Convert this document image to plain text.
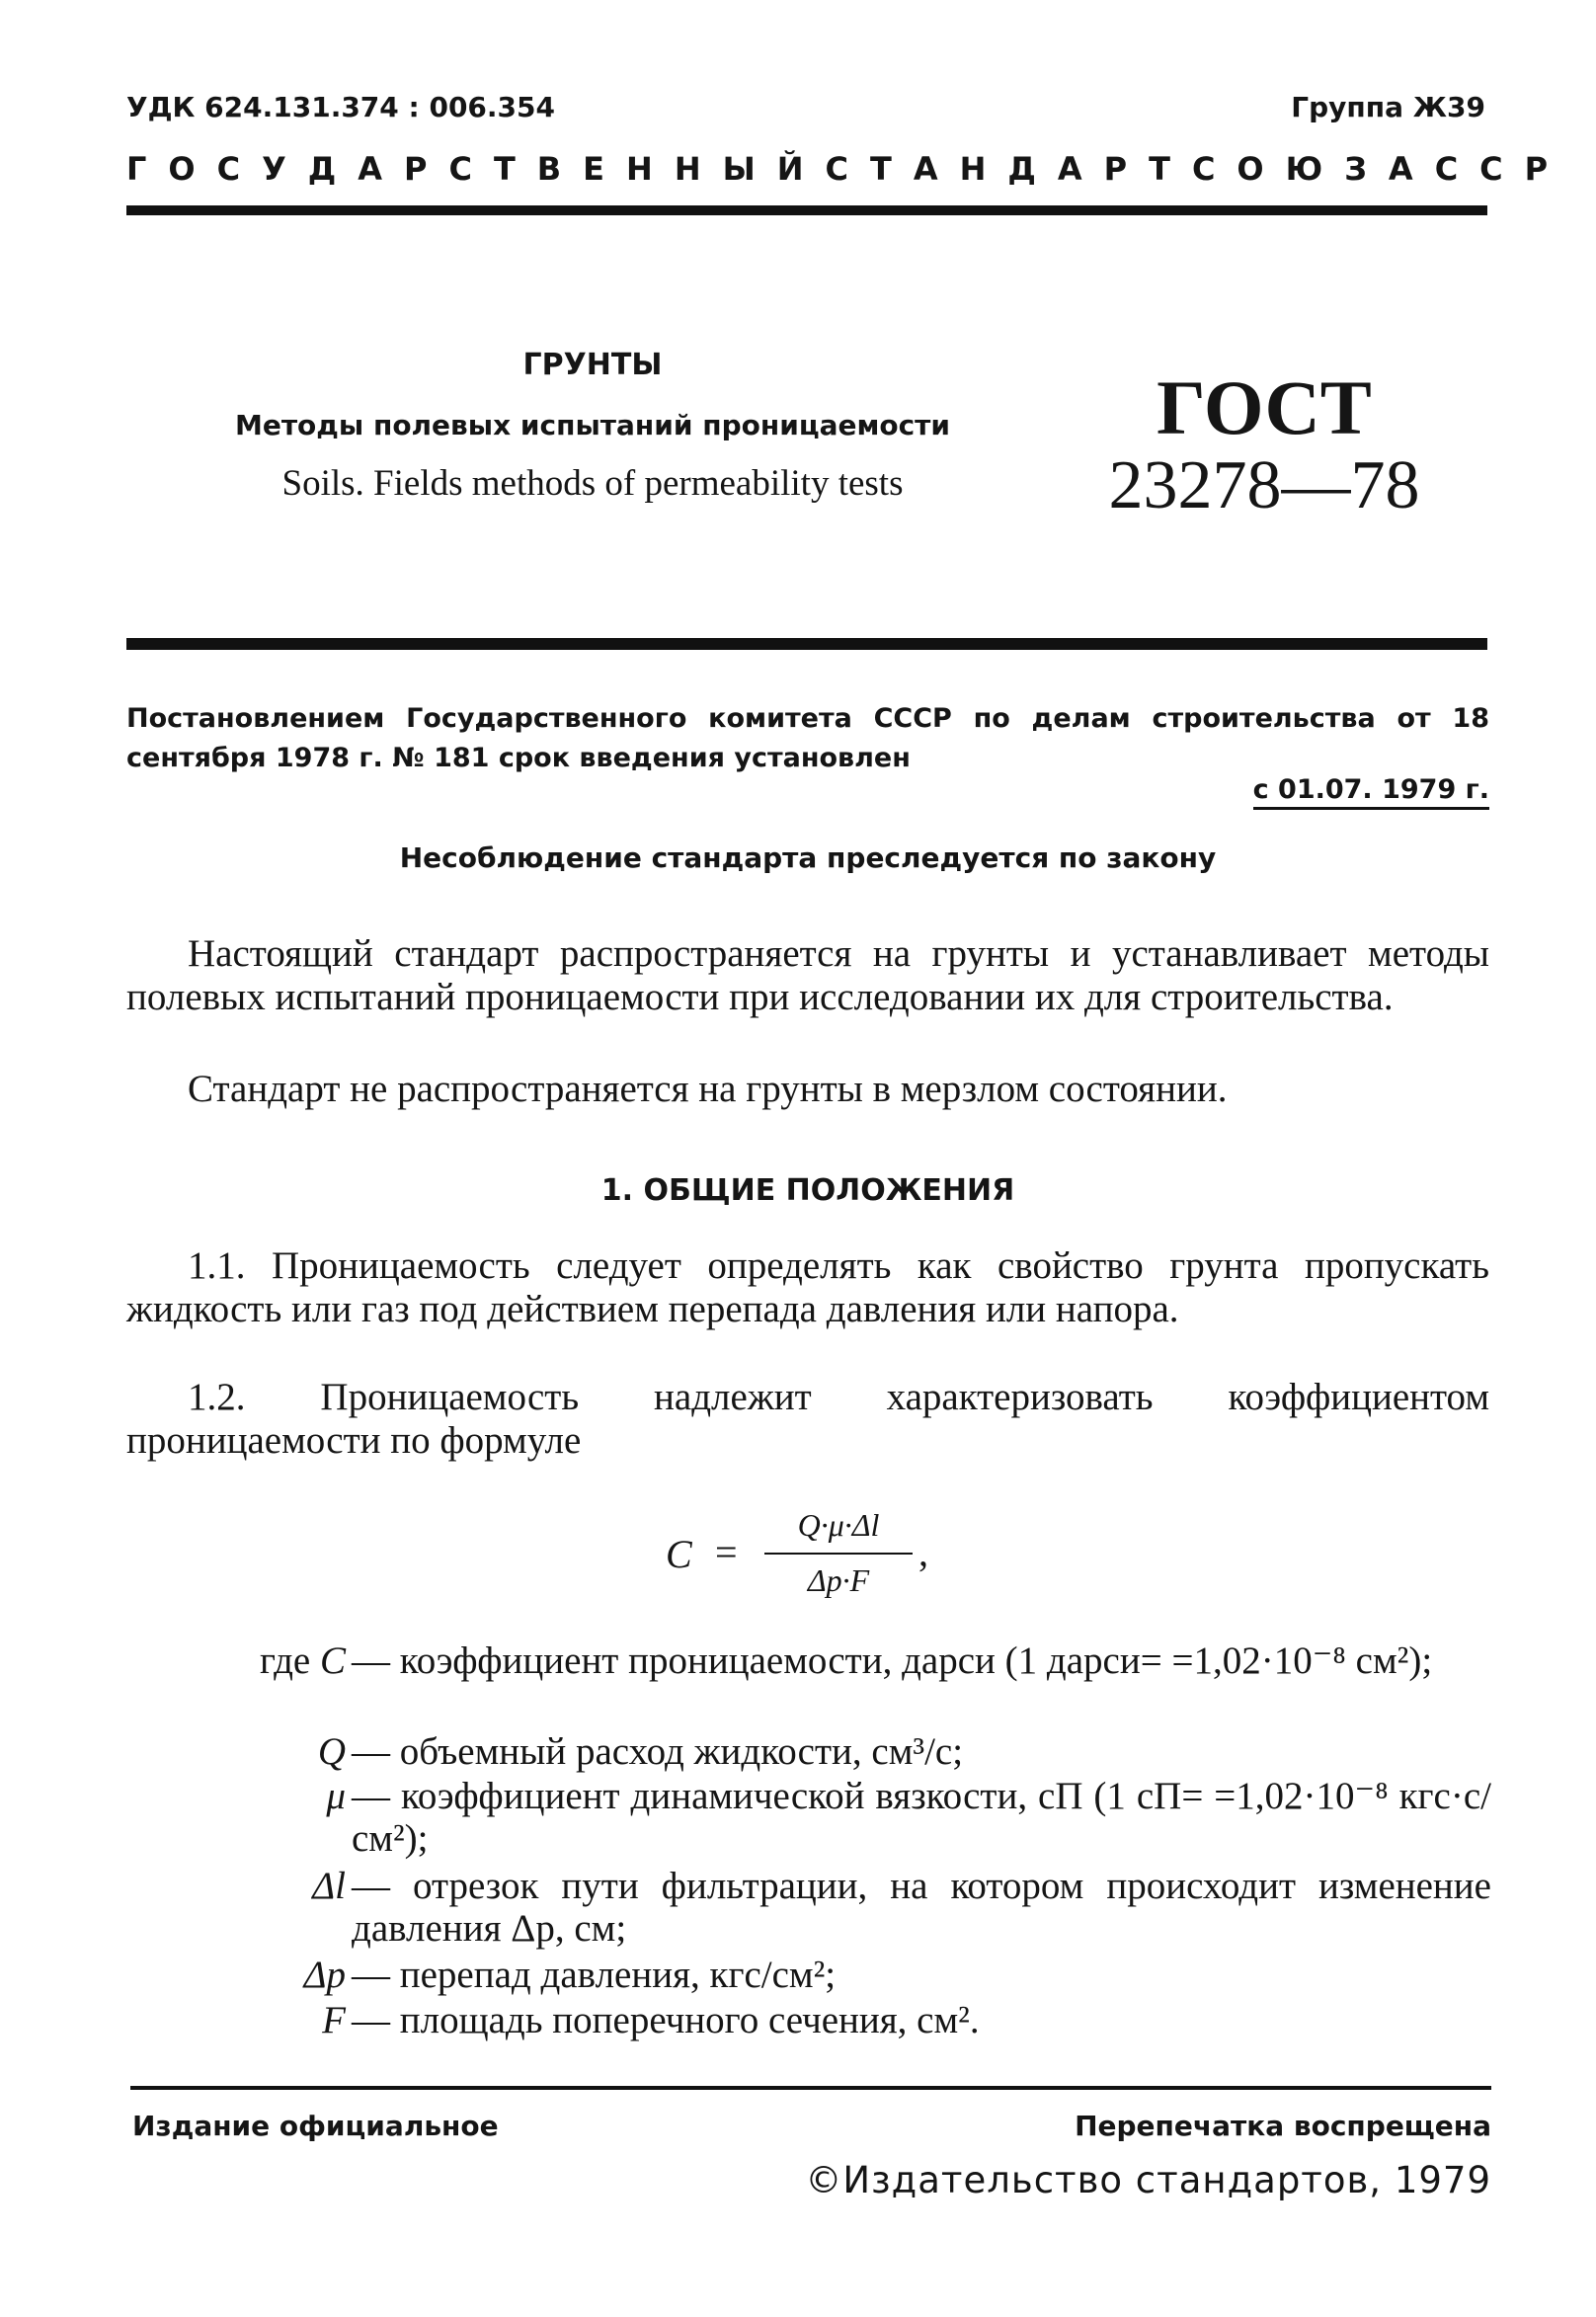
УДК 624.131.374 : 006.354	Группа Ж39
ГОСУДАРСТВЕННЫЙ СТАНДАРТ СОЮЗА ССР
ГРУНТЫ
Методы полевых испытаний проницаемости
Soils. Fields methods of permeability tests
ГОСТ
23278—78
Постановлением Государственного комитета СССР по делам строительства от 18 сентября 1978 г. № 181 срок введения установлен
с 01.07. 1979 г.
Несоблюдение стандарта преследуется по закону
Настоящий стандарт распространяется на грунты и устанавливает методы полевых испытаний проницаемости при исследовании их для строительства.
Стандарт не распространяется на грунты в мерзлом состоянии.
1. ОБЩИЕ ПОЛОЖЕНИЯ
1.1. Проницаемость следует определять как свойство грунта пропускать жидкость или газ под действием перепада давления или напора.
1.2. Проницаемость надлежит характеризовать коэффициентом проницаемости по формуле
C =
Q·μ·Δl
Δp·F
,
где C — коэффициент проницаемости, дарси (1 дарси= =1,02·10⁻⁸ см²);
Q — объемный расход жидкости, см³/с;
μ — коэффициент динамической вязкости, сП (1 сП= =1,02·10⁻⁸ кгс·с/см²);
Δl — отрезок пути фильтрации, на котором происходит изменение давления Δp, см;
Δp — перепад давления, кгс/см²;
F — площадь поперечного сечения, см².
Издание официальное	Перепечатка воспрещена
©Издательство стандартов, 1979
